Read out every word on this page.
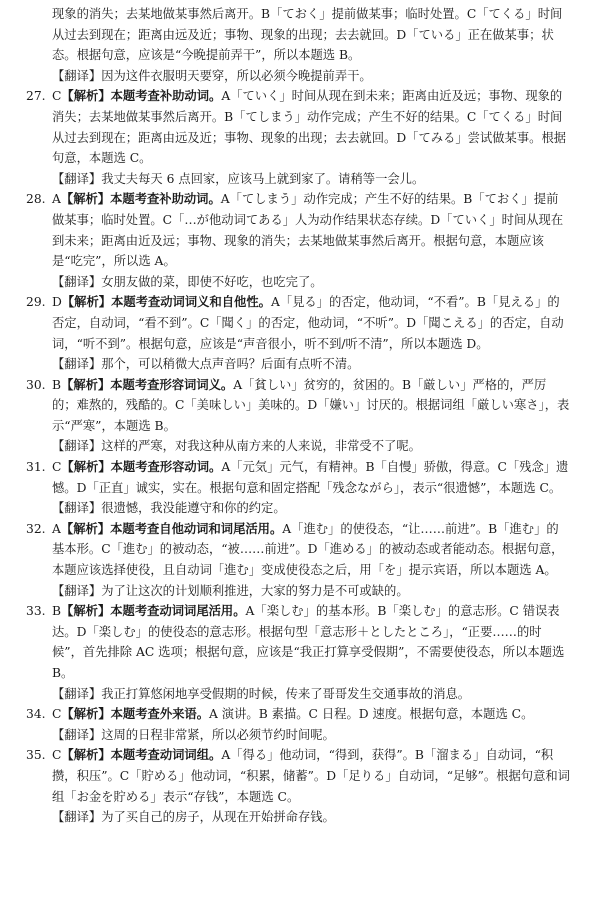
现象的消失；去某地做某事然后离开。B「ておく」提前做某事；临时处置。C「てくる」时间从过去到现在；距离由远及近；事物、现象的出现；去去就回。D「ている」正在做某事；状态。根据句意，应该是“今晚提前弄干”，所以本题选 B。

【翻译】因为这件衣服明天要穿，所以必须今晚提前弄干。

27. C【解析】本题考查补助动词。A「ていく」时间从现在到未来；距离由近及远；事物、现象的消失；去某地做某事然后离开。B「てしまう」动作完成；产生不好的结果。C「てくる」时间从过去到现在；距离由远及近；事物、现象的出现；去去就回。D「てみる」尝试做某事。根据句意，本题选 C。

【翻译】我丈夫每天 6 点回家，应该马上就到家了。请稍等一会儿。

28. A【解析】本题考查补助动词。A「てしまう」动作完成；产生不好的结果。B「ておく」提前做某事；临时处置。C「…が他动词てある」人为动作结果状态存续。D「ていく」时间从现在到未来；距离由近及远；事物、现象的消失；去某地做某事然后离开。根据句意，本题应该是“吃完”，所以选 A。

【翻译】女朋友做的菜，即使不好吃，也吃完了。

29. D【解析】本题考查动词词义和自他性。A「見る」的否定，他动词，“不看”。B「見える」的否定，自动词，“看不到”。C「聞く」的否定，他动词，“不听”。D「聞こえる」的否定，自动词，“听不到”。根据句意，应该是“声音很小，听不到/听不清”，所以本题选 D。

【翻译】那个，可以稍微大点声音吗？后面有点听不清。

30. B【解析】本题考查形容词词义。A「貧しい」贫穷的，贫困的。B「厳しい」严格的，严厉的；难熬的，残酷的。C「美味しい」美味的。D「嫌い」讨厌的。根据词组「厳しい寒さ」，表示“严寒”，本题选 B。

【翻译】这样的严寒，对我这种从南方来的人来说，非常受不了呢。

31. C【解析】本题考查形容动词。A「元気」元气，有精神。B「自慢」骄傲，得意。C「残念」遗憾。D「正直」诚实，实在。根据句意和固定搭配「残念ながら」，表示“很遗憾”，本题选 C。

【翻译】很遗憾，我没能遵守和你的约定。

32. A【解析】本题考查自他动词和词尾活用。A「進む」的使役态，“让……前进”。B「進む」的基本形。C「進む」的被动态，“被……前进”。D「進める」的被动态或者能动态。根据句意，本题应该选择使役，且自动词「進む」变成使役态之后，用「を」提示宾语，所以本题选 A。

【翻译】为了让这次的计划顺利推进，大家的努力是不可或缺的。

33. B【解析】本题考查动词词尾活用。A「楽しむ」的基本形。B「楽しむ」的意志形。C 错误表达。D「楽しむ」的使役态的意志形。根据句型「意志形＋としたところ」，“正要……的时候”，首先排除 AC 选项；根据句意，应该是“我正打算享受假期”，不需要使役态，所以本题选 B。

【翻译】我正打算悠闲地享受假期的时候，传来了哥哥发生交通事故的消息。

34. C【解析】本题考查外来语。A 演讲。B 素描。C 日程。D 速度。根据句意，本题选 C。

【翻译】这周的日程非常紧，所以必须节约时间呢。

35. C【解析】本题考查动词词组。A「得る」他动词，“得到，获得”。B「溜まる」自动词，“积攒，积压”。C「貯める」他动词，“积累，储蓄”。D「足りる」自动词，“足够”。根据句意和词组「お金を貯める」表示“存钱”，本题选 C。

【翻译】为了买自己的房子，从现在开始拼命存钱。
